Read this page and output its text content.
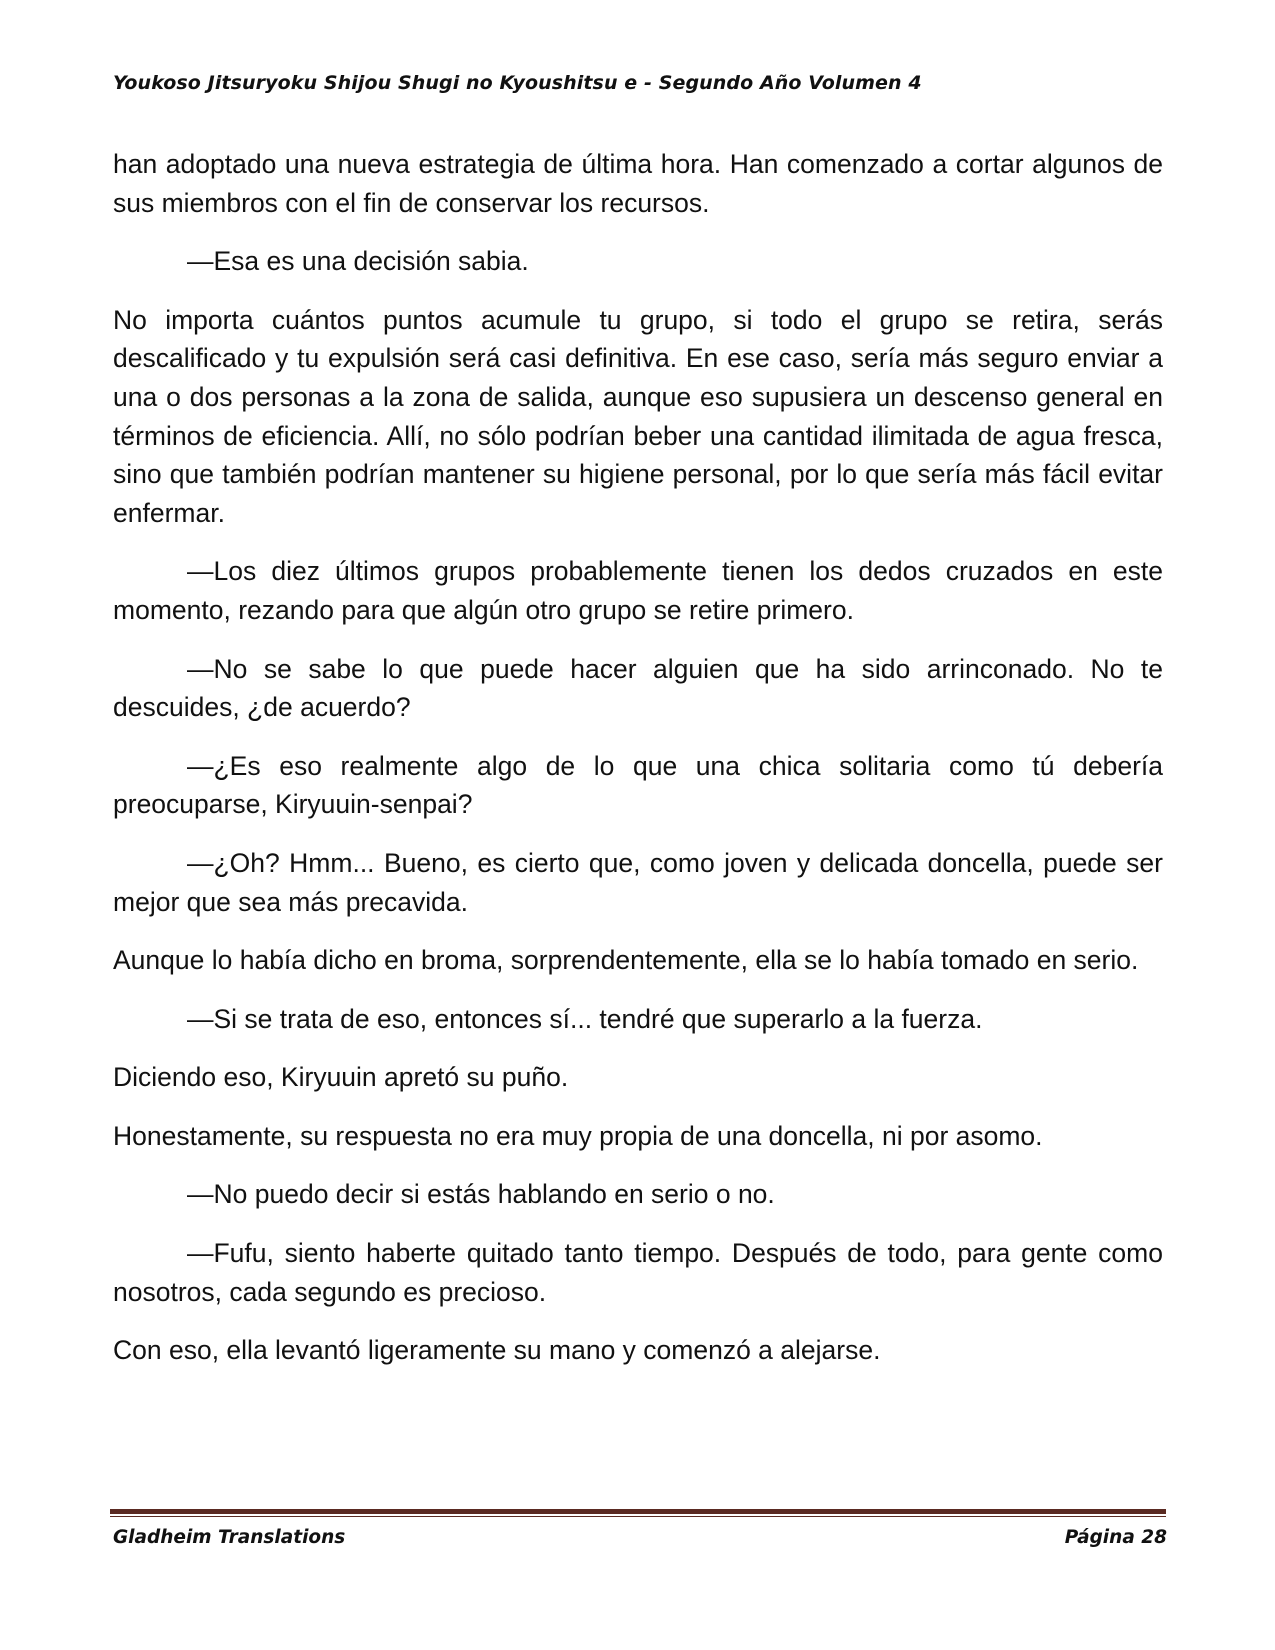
Youkoso Jitsuryoku Shijou Shugi no Kyoushitsu e - Segundo Año Volumen 4

han adoptado una nueva estrategia de última hora. Han comenzado a cortar algunos de sus miembros con el fin de conservar los recursos.

—Esa es una decisión sabia.

No importa cuántos puntos acumule tu grupo, si todo el grupo se retira, serás descalificado y tu expulsión será casi definitiva. En ese caso, sería más seguro enviar a una o dos personas a la zona de salida, aunque eso supusiera un descenso general en términos de eficiencia. Allí, no sólo podrían beber una cantidad ilimitada de agua fresca, sino que también podrían mantener su higiene personal, por lo que sería más fácil evitar enfermar.

—Los diez últimos grupos probablemente tienen los dedos cruzados en este momento, rezando para que algún otro grupo se retire primero.

—No se sabe lo que puede hacer alguien que ha sido arrinconado. No te descuides, ¿de acuerdo?

—¿Es eso realmente algo de lo que una chica solitaria como tú debería preocuparse, Kiryuuin-senpai?

—¿Oh? Hmm... Bueno, es cierto que, como joven y delicada doncella, puede ser mejor que sea más precavida.

Aunque lo había dicho en broma, sorprendentemente, ella se lo había tomado en serio.

—Si se trata de eso, entonces sí... tendré que superarlo a la fuerza.

Diciendo eso, Kiryuuin apretó su puño.

Honestamente, su respuesta no era muy propia de una doncella, ni por asomo.

—No puedo decir si estás hablando en serio o no.

—Fufu, siento haberte quitado tanto tiempo. Después de todo, para gente como nosotros, cada segundo es precioso.

Con eso, ella levantó ligeramente su mano y comenzó a alejarse.

Gladheim Translations	Página 28
